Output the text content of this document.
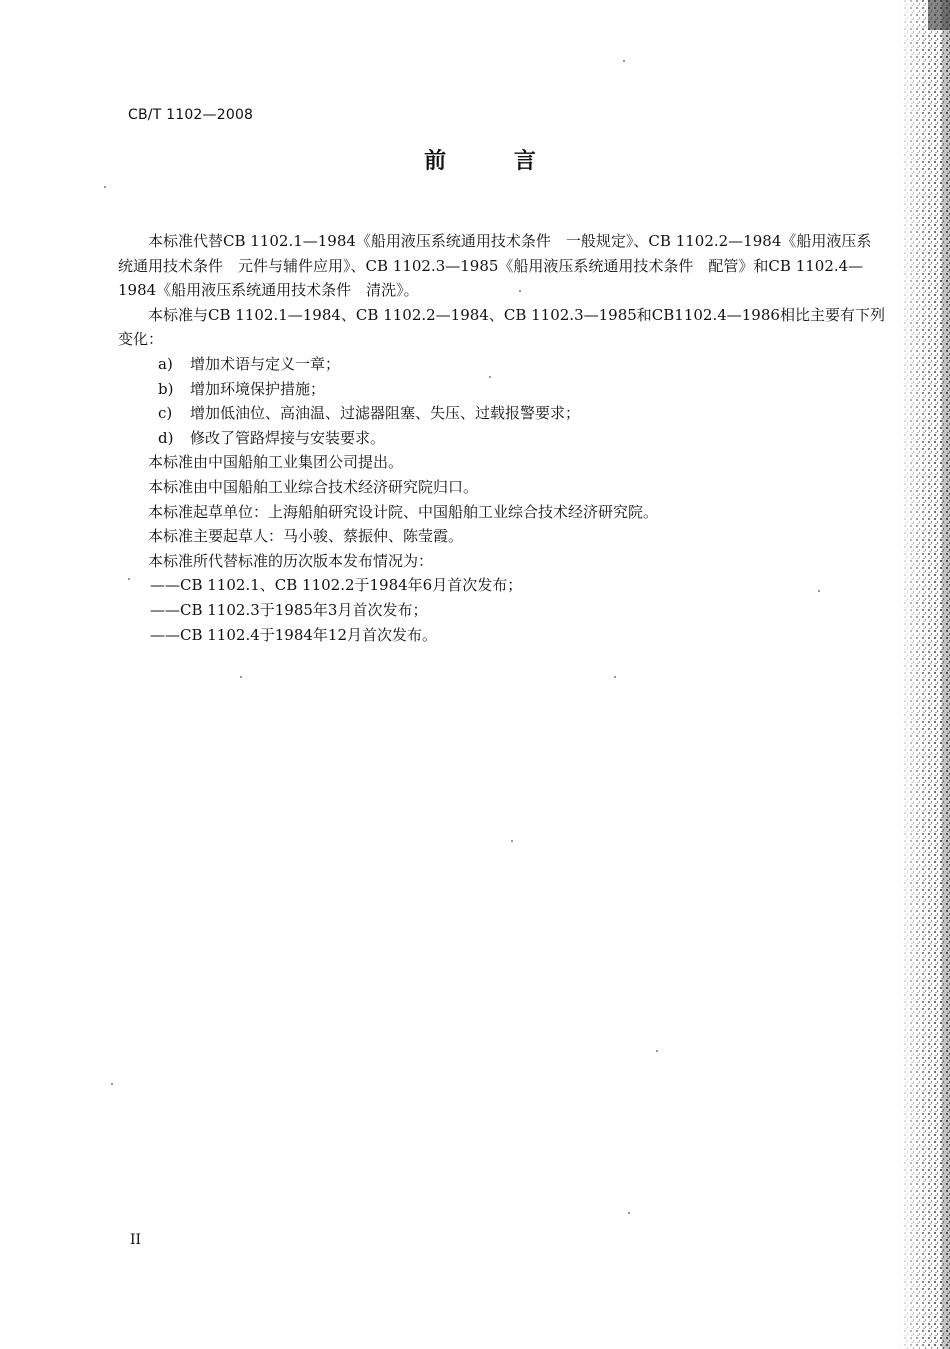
CB/T 1102—2008
前 言

本标准代替CB 1102.1—1984《船用液压系统通用技术条件　一般规定》、CB 1102.2—1984《船用液压系统通用技术条件　元件与辅件应用》、CB 1102.3—1985《船用液压系统通用技术条件　配管》和CB 1102.4—1984《船用液压系统通用技术条件　清洗》。

本标准与CB 1102.1—1984、CB 1102.2—1984、CB 1102.3—1985和CB1102.4—1986相比主要有下列变化：

a) 增加术语与定义一章；

b) 增加环境保护措施；

c) 增加低油位、高油温、过滤器阻塞、失压、过载报警要求；

d) 修改了管路焊接与安装要求。

本标准由中国船舶工业集团公司提出。

本标准由中国船舶工业综合技术经济研究院归口。

本标准起草单位：上海船舶研究设计院、中国船舶工业综合技术经济研究院。

本标准主要起草人：马小骏、蔡振仲、陈莹霞。

本标准所代替标准的历次版本发布情况为：

——CB 1102.1、CB 1102.2于1984年6月首次发布；

——CB 1102.3于1985年3月首次发布；

——CB 1102.4于1984年12月首次发布。

II
